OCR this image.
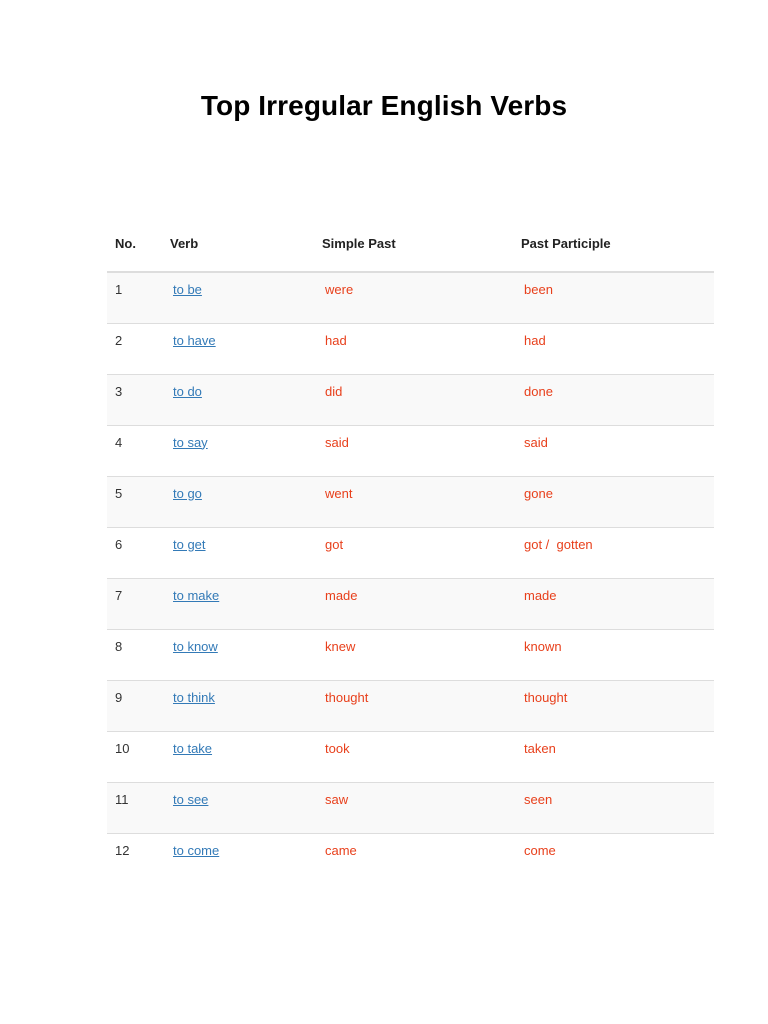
Top Irregular English Verbs
No.	Verb	Simple Past	Past Participle
1	to be	were	been
2	to have	had	had
3	to do	did	done
4	to say	said	said
5	to go	went	gone
6	to get	got	got /  gotten
7	to make	made	made
8	to know	knew	known
9	to think	thought	thought
10	to take	took	taken
11	to see	saw	seen
12	to come	came	come
